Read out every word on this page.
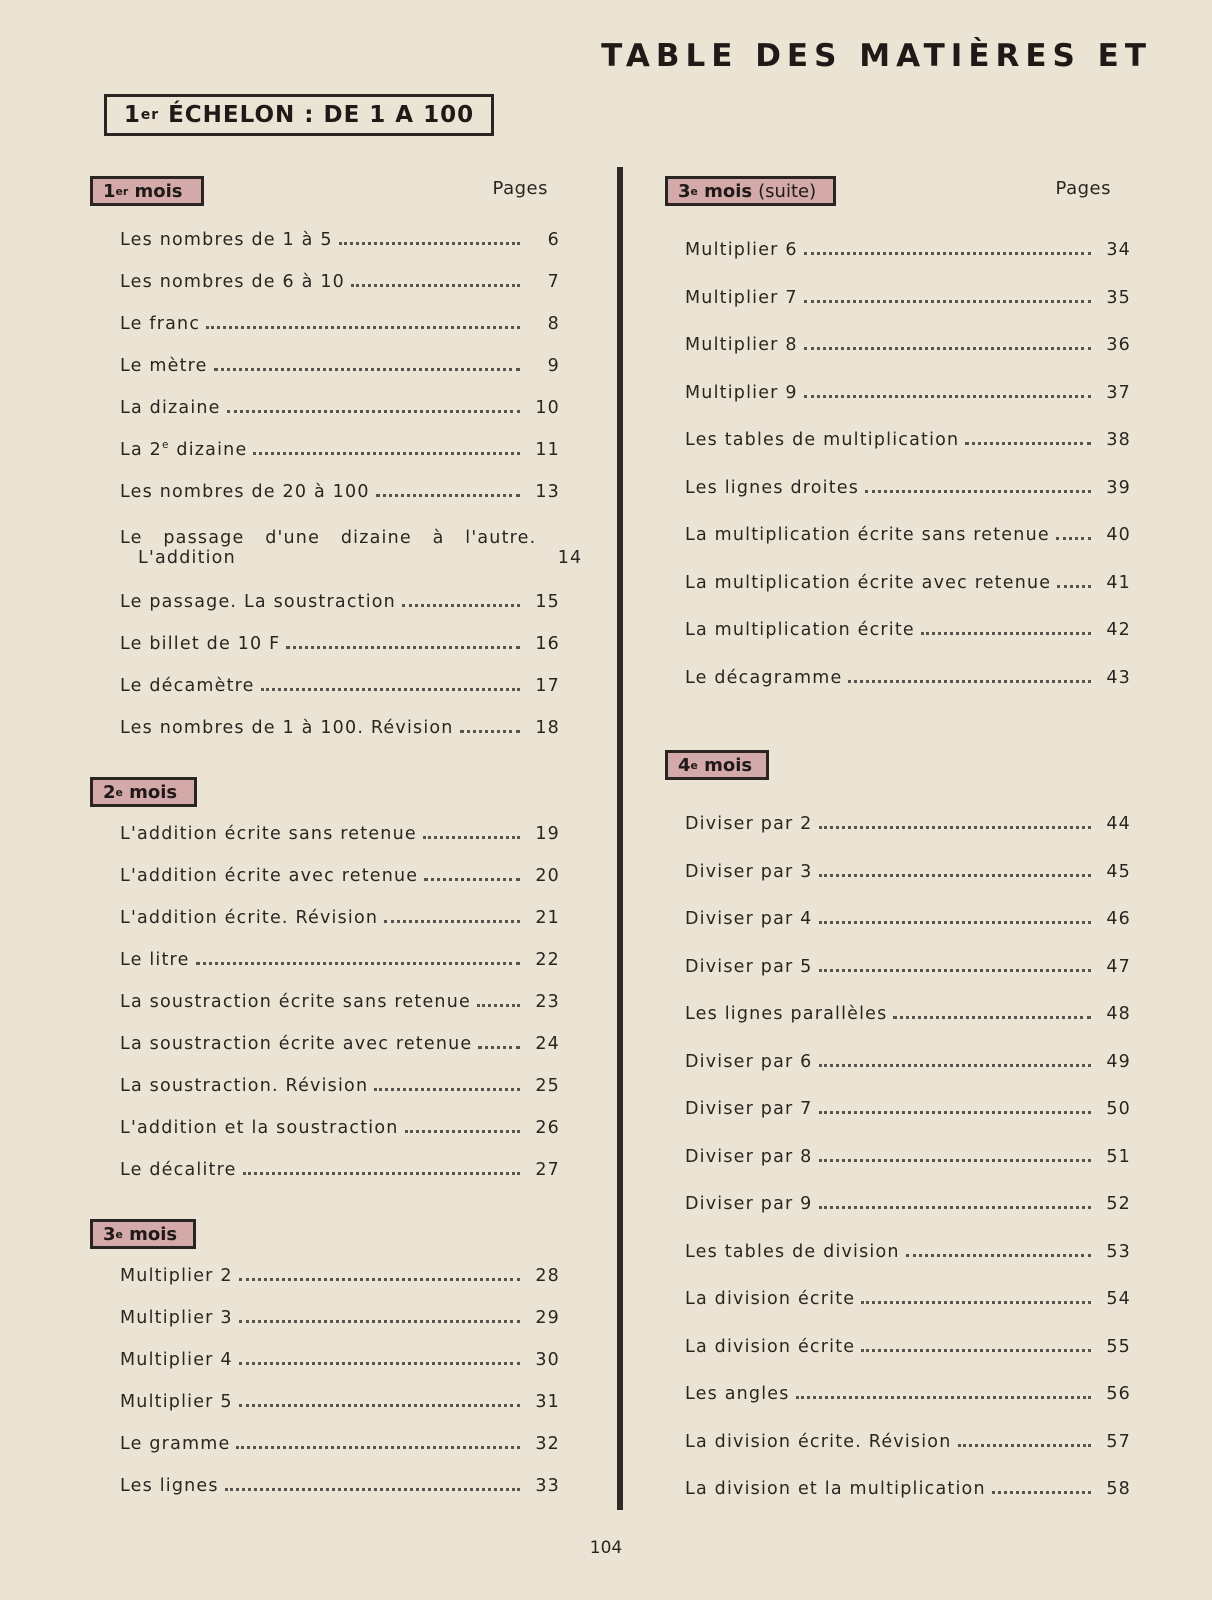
TABLE DES MATIÈRES ET
1 er ÉCHELON : DE 1 A 100
1 er mois	Pages
Les nombres de 1 à 5	6
Les nombres de 6 à 10	7
Le franc	8
Le mètre	9
La dizaine	10
La 2e dizaine	11
Les nombres de 20 à 100	13
Le passage d'une dizaine à l'autre.
L'addition	14
Le passage. La soustraction	15
Le billet de 10 F	16
Le décamètre	17
Les nombres de 1 à 100. Révision	18
2 e mois
L'addition écrite sans retenue	19
L'addition écrite avec retenue	20
L'addition écrite. Révision	21
Le litre	22
La soustraction écrite sans retenue	23
La soustraction écrite avec retenue	24
La soustraction. Révision	25
L'addition et la soustraction	26
Le décalitre	27
3 e mois
Multiplier 2	28
Multiplier 3	29
Multiplier 4	30
Multiplier 5	31
Le gramme	32
Les lignes	33
3 e mois (suite)	Pages
Multiplier 6	34
Multiplier 7	35
Multiplier 8	36
Multiplier 9	37
Les tables de multiplication	38
Les lignes droites	39
La multiplication écrite sans retenue	40
La multiplication écrite avec retenue	41
La multiplication écrite	42
Le décagramme	43
4 e mois
Diviser par 2	44
Diviser par 3	45
Diviser par 4	46
Diviser par 5	47
Les lignes parallèles	48
Diviser par 6	49
Diviser par 7	50
Diviser par 8	51
Diviser par 9	52
Les tables de division	53
La division écrite	54
La division écrite	55
Les angles	56
La division écrite. Révision	57
La division et la multiplication	58
104
